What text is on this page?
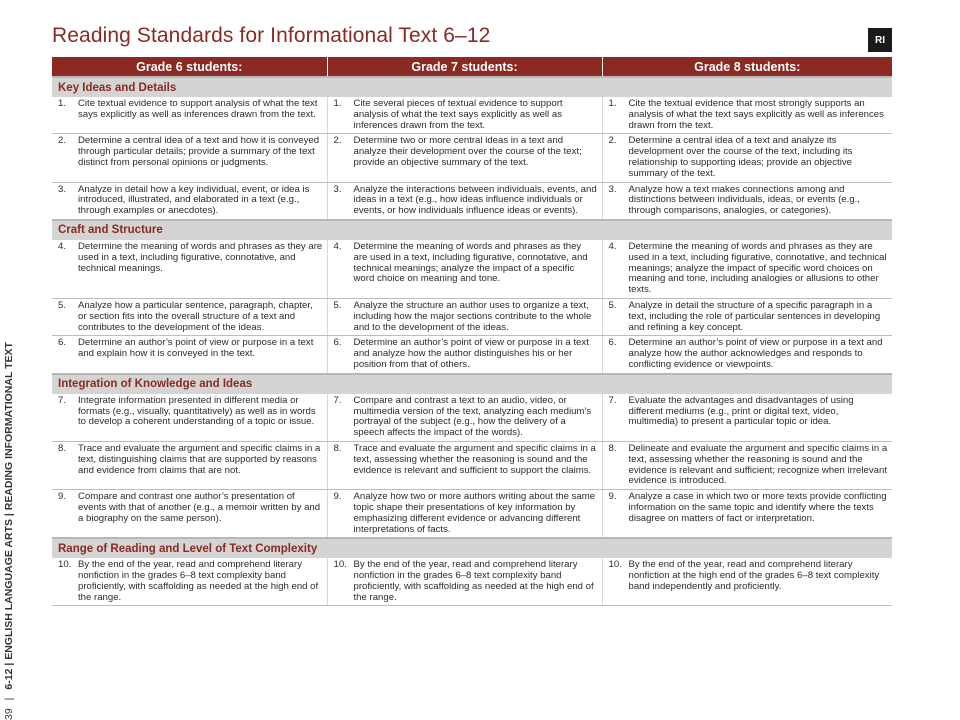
Reading Standards for Informational Text 6–12	RI
39
|
6-12 | ENGLISH LANGUAGE ARTS | READING INFORMATIONAL TEXT
Grade 6 students:	Grade 7 students:	Grade 8 students:
Key Ideas and Details		

1. Cite textual evidence to support analysis of what the text says explicitly as well as inferences drawn from the text.	1. Cite several pieces of textual evidence to support analysis of what the text says explicitly as well as inferences drawn from the text.	1. Cite the textual evidence that most strongly supports an analysis of what the text says explicitly as well as inferences drawn from the text.

2. Determine a central idea of a text and how it is conveyed through particular details; provide a summary of the text distinct from personal opinions or judgments.	2. Determine two or more central ideas in a text and analyze their development over the course of the text; provide an objective summary of the text.	2. Determine a central idea of a text and analyze its development over the course of the text, including its relationship to supporting ideas; provide an objective summary of the text.

3. Analyze in detail how a key individual, event, or idea is introduced, illustrated, and elaborated in a text (e.g., through examples or anecdotes).	3. Analyze the interactions between individuals, events, and ideas in a text (e.g., how ideas influence individuals or events, or how individuals influence ideas or events).	3. Analyze how a text makes connections among and distinctions between individuals, ideas, or events (e.g., through comparisons, analogies, or categories).

Craft and Structure		

4. Determine the meaning of words and phrases as they are used in a text, including figurative, connotative, and technical meanings.	4. Determine the meaning of words and phrases as they are used in a text, including figurative, connotative, and technical meanings; analyze the impact of a specific word choice on meaning and tone.	4. Determine the meaning of words and phrases as they are used in a text, including figurative, connotative, and technical meanings; analyze the impact of specific word choices on meaning and tone, including analogies or allusions to other texts.

5. Analyze how a particular sentence, paragraph, chapter, or section fits into the overall structure of a text and contributes to the development of the ideas.	5. Analyze the structure an author uses to organize a text, including how the major sections contribute to the whole and to the development of the ideas.	5. Analyze in detail the structure of a specific paragraph in a text, including the role of particular sentences in developing and refining a key concept.

6. Determine an author’s point of view or purpose in a text and explain how it is conveyed in the text.	6. Determine an author’s point of view or purpose in a text and analyze how the author distinguishes his or her position from that of others.	6. Determine an author’s point of view or purpose in a text and analyze how the author acknowledges and responds to conflicting evidence or viewpoints.

Integration of Knowledge and Ideas		

7. Integrate information presented in different media or formats (e.g., visually, quantitatively) as well as in words to develop a coherent understanding of a topic or issue.	7. Compare and contrast a text to an audio, video, or multimedia version of the text, analyzing each medium’s portrayal of the subject (e.g., how the delivery of a speech affects the impact of the words).	7. Evaluate the advantages and disadvantages of using different mediums (e.g., print or digital text, video, multimedia) to present a particular topic or idea.

8. Trace and evaluate the argument and specific claims in a text, distinguishing claims that are supported by reasons and evidence from claims that are not.	8. Trace and evaluate the argument and specific claims in a text, assessing whether the reasoning is sound and the evidence is relevant and sufficient to support the claims.	8. Delineate and evaluate the argument and specific claims in a text, assessing whether the reasoning is sound and the evidence is relevant and sufficient; recognize when irrelevant evidence is introduced.

9. Compare and contrast one author’s presentation of events with that of another (e.g., a memoir written by and a biography on the same person).	9. Analyze how two or more authors writing about the same topic shape their presentations of key information by emphasizing different evidence or advancing different interpretations of facts.	9. Analyze a case in which two or more texts provide conflicting information on the same topic and identify where the texts disagree on matters of fact or interpretation.

Range of Reading and Level of Text Complexity		

10. By the end of the year, read and comprehend literary nonfiction in the grades 6–8 text complexity band proficiently, with scaffolding as needed at the high end of the range.	10. By the end of the year, read and comprehend literary nonfiction in the grades 6–8 text complexity band proficiently, with scaffolding as needed at the high end of the range.	10. By the end of the year, read and comprehend literary nonfiction at the high end of the grades 6–8 text complexity band independently and proficiently.
